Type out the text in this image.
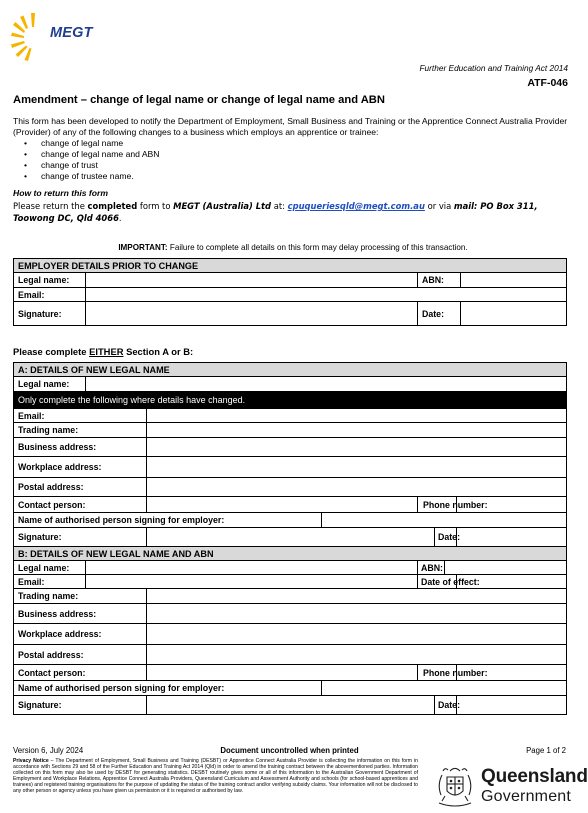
MEGT
Further Education and Training Act 2014
ATF-046
Amendment – change of legal name or change of legal name and ABN
This form has been developed to notify the Department of Employment, Small Business and Training or the Apprentice Connect Australia Provider (Provider) of any of the following changes to a business which employs an apprentice or trainee:
• change of legal name
• change of legal name and ABN
• change of trust
• change of trustee name.
How to return this form
Please return the completed form to MEGT (Australia) Ltd at: cpuqueriesqld@megt.com.au or via mail: PO Box 311, Toowong DC, Qld 4066.
IMPORTANT: Failure to complete all details on this form may delay processing of this transaction.
EMPLOYER DETAILS PRIOR TO CHANGE			
Legal name:		ABN:	
Email:			
Signature:		Date:	
Please complete EITHER Section A or B:
A: DETAILS OF NEW LEGAL NAME							
Legal name:							
Only complete the following where details have changed.							
Email:							
Trading name:							
Business address:							
Workplace address:							
Postal address:							
Contact person:				Phone number:			
Name of authorised person signing for employer:							
Signature:					Date:		
B: DETAILS OF NEW LEGAL NAME AND ABN							
Legal name:				ABN:			
Email:				Date of effect:			
Trading name:							
Business address:							
Workplace address:							
Postal address:							
Contact person:				Phone number:			
Name of authorised person signing for employer:							
Signature:					Date:		
Version 6, July 2024	Document uncontrolled when printed	Page 1 of 2
Privacy Notice – The Department of Employment, Small Business and Training (DESBT) or Apprentice Connect Australia Provider is collecting the information on this form in accordance with Sections 29 and 58 of the Further Education and Training Act 2014 (Qld) in order to amend the training contract between the abovementioned parties. Information collected on this form may also be used by DESBT for generating statistics. DESBT routinely gives some or all of this information to the Australian Government Department of Employment and Workplace Relations, Apprentice Connect Australia Providers, Queensland Curriculum and Assessment Authority and schools (for school-based apprentices and trainees) and registered training organisations for the purpose of updating the status of the training contract and/or verifying subsidy claims. Your information will not be disclosed to any other person or agency unless you have given us permission or it is required or authorised by law.
Queensland
Government
